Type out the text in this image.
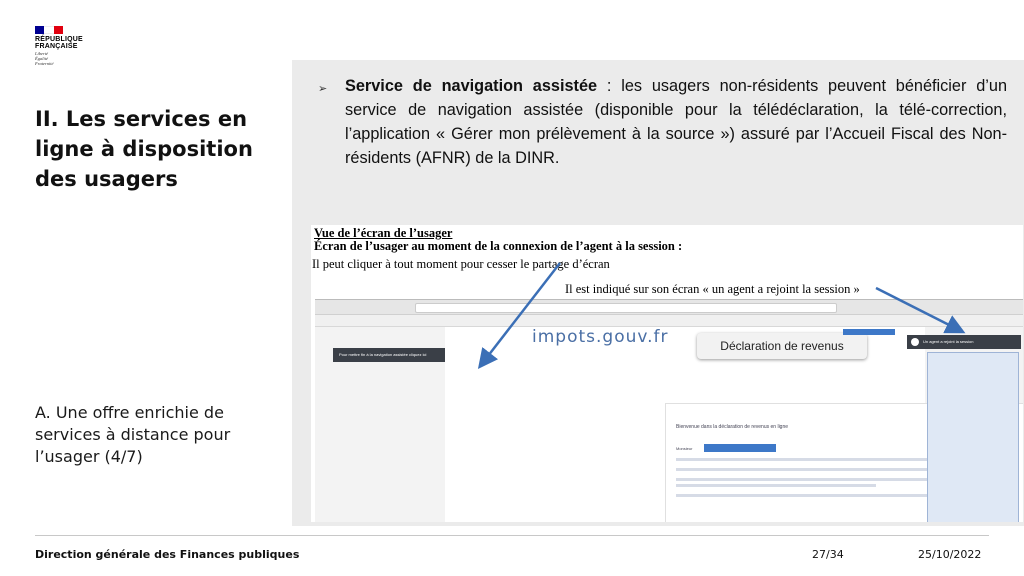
RÉPUBLIQUE
FRANÇAISE
Liberté
Égalité
Fraternité
II. Les services en ligne à disposition des usagers
A. Une offre enrichie de services à distance pour l’usager (4/7)
➢ Service de navigation assistée : les usagers non-résidents peuvent bénéficier d’un service de navigation assistée (disponible pour la télédéclaration, la télé-correction, l’application « Gérer mon prélèvement à la source ») assuré par l’Accueil Fiscal des Non-résidents (AFNR) de la DINR.
Vue de l’écran de l’usager
Écran de l’usager au moment de la connexion de l’agent à la session :
Il peut cliquer à tout moment pour cesser le partage d’écran
Il est indiqué sur son écran « un agent a rejoint la session »
Pour mettre fin à la navigation assistée cliquez ici
impots.gouv.fr	Déclaration de revenus
Bienvenue dans la déclaration de revenus en ligne
Monsieur
Un agent a rejoint la session
Direction générale des Finances publiques	27/34	25/10/2022
